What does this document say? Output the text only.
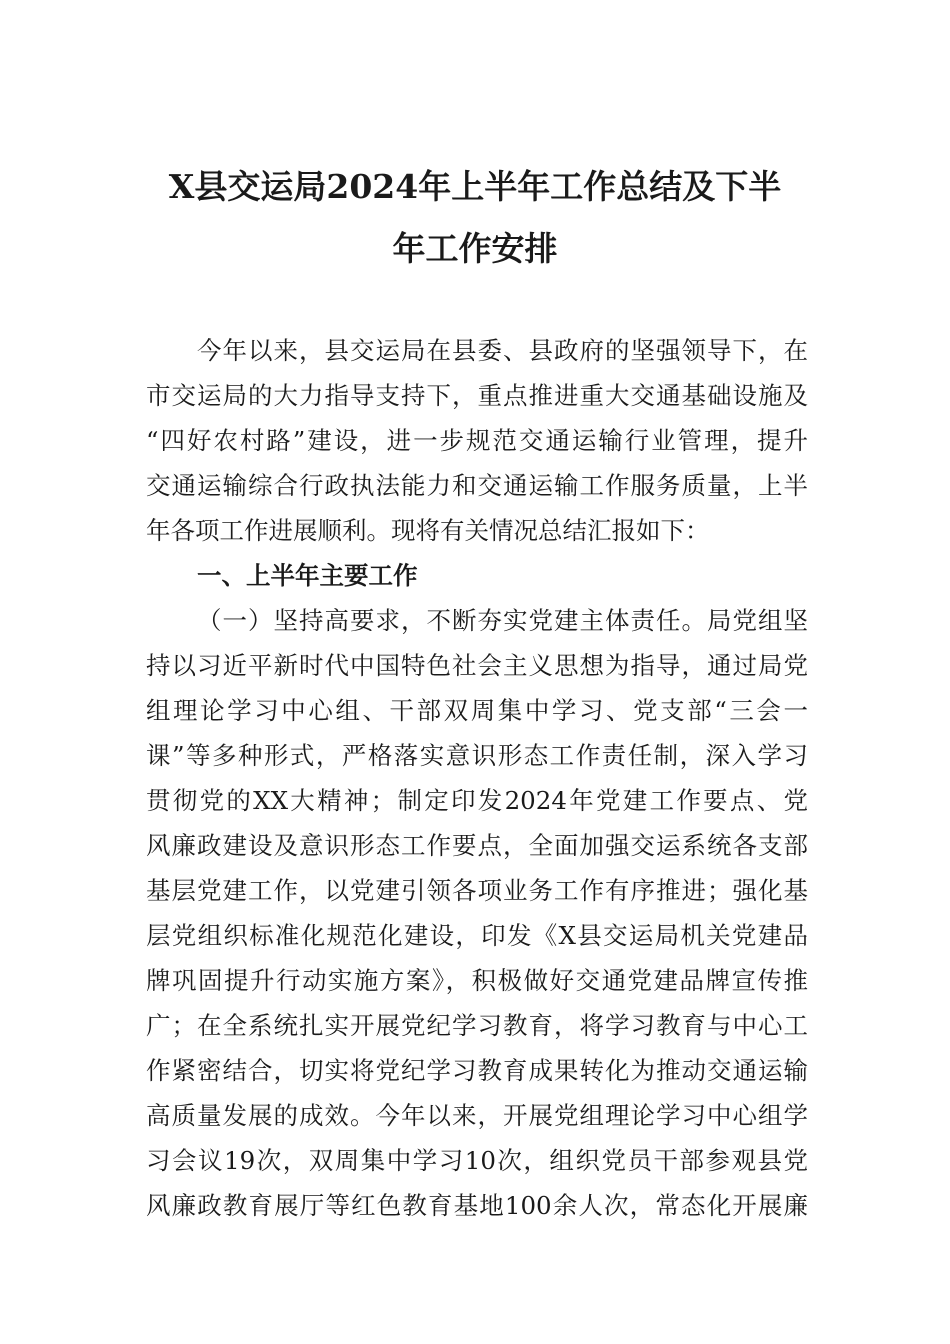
X县交运局2024年上半年工作总结及下半
年工作安排
今年以来，县交运局在县委、县政府的坚强领导下，在
市交运局的大力指导支持下，重点推进重大交通基础设施及
“四好农村路”建设，进一步规范交通运输行业管理，提升
交通运输综合行政执法能力和交通运输工作服务质量，上半
年各项工作进展顺利。现将有关情况总结汇报如下：
一、上半年主要工作
（一）坚持高要求，不断夯实党建主体责任。局党组坚
持以习近平新时代中国特色社会主义思想为指导，通过局党
组理论学习中心组、干部双周集中学习、党支部“三会一
课”等多种形式，严格落实意识形态工作责任制，深入学习
贯彻党的XX大精神；制定印发2024年党建工作要点、党
风廉政建设及意识形态工作要点，全面加强交运系统各支部
基层党建工作，以党建引领各项业务工作有序推进；强化基
层党组织标准化规范化建设，印发《X县交运局机关党建品
牌巩固提升行动实施方案》，积极做好交通党建品牌宣传推
广；在全系统扎实开展党纪学习教育，将学习教育与中心工
作紧密结合，切实将党纪学习教育成果转化为推动交通运输
高质量发展的成效。今年以来，开展党组理论学习中心组学
习会议19次，双周集中学习10次，组织党员干部参观县党
风廉政教育展厅等红色教育基地100余人次，常态化开展廉
